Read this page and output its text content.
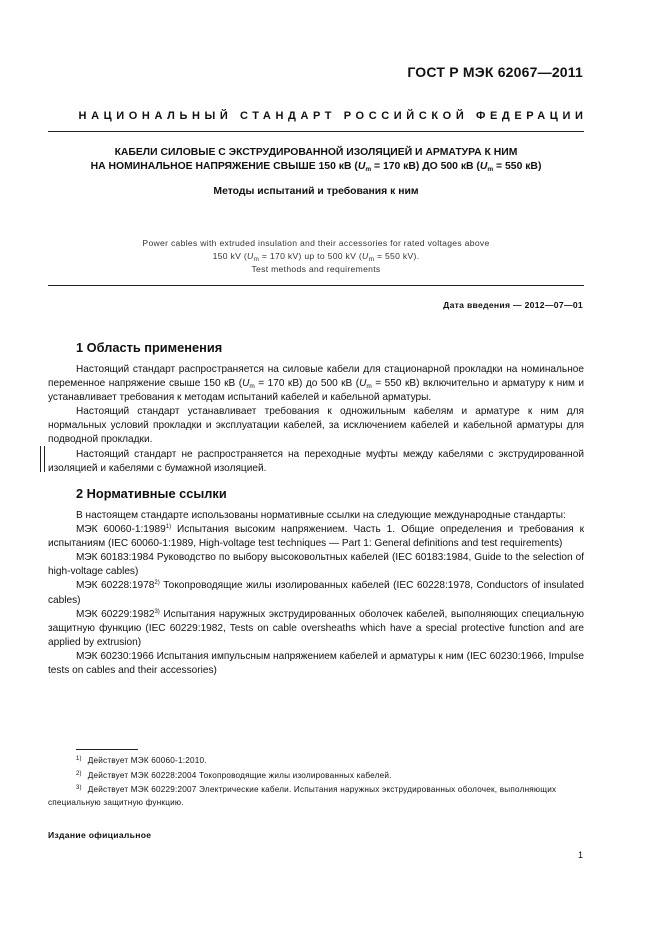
ГОСТ Р МЭК 62067—2011
НАЦИОНАЛЬНЫЙ СТАНДАРТ РОССИЙСКОЙ ФЕДЕРАЦИИ
КАБЕЛИ СИЛОВЫЕ С ЭКСТРУДИРОВАННОЙ ИЗОЛЯЦИЕЙ И АРМАТУРА К НИМ
НА НОМИНАЛЬНОЕ НАПРЯЖЕНИЕ СВЫШЕ 150 кВ ($U_m = 170$ кВ) ДО 500 кВ ($U_m = 550$ кВ)
Методы испытаний и требования к ним
Power cables with extruded insulation and their accessories for rated voltages above
150 kV ($U_m = 170$ kV) up to 500 kV ($U_m = 550$ kV).
Test methods and requirements
Дата введения — 2012—07—01
1 Область применения

Настоящий стандарт распространяется на силовые кабели для стационарной прокладки на номинальное переменное напряжение свыше 150 кВ ($U_m = 170$ кВ) до 500 кВ ($U_m = 550$ кВ) включительно и арматуру к ним и устанавливает требования к методам испытаний кабелей и кабельной арматуры.

Настоящий стандарт устанавливает требования к одножильным кабелям и арматуре к ним для нормальных условий прокладки и эксплуатации кабелей, за исключением кабелей и кабельной арматуры для подводной прокладки.

Настоящий стандарт не распространяется на переходные муфты между кабелями с экструдированной изоляцией и кабелями с бумажной изоляцией.

2 Нормативные ссылки

В настоящем стандарте использованы нормативные ссылки на следующие международные стандарты:

МЭК 60060-1:1989$^{1)}$ Испытания высоким напряжением. Часть 1. Общие определения и требования к испытаниям (IEC 60060-1:1989, High-voltage test techniques — Part 1: General definitions and test requirements)

МЭК 60183:1984 Руководство по выбору высоковольтных кабелей (IEC 60183:1984, Guide to the selection of high-voltage cables)

МЭК 60228:1978$^{2)}$ Токопроводящие жилы изолированных кабелей (IEC 60228:1978, Conductors of insulated cables)

МЭК 60229:1982$^{3)}$ Испытания наружных экструдированных оболочек кабелей, выполняющих специальную защитную функцию (IEC 60229:1982, Tests on cable oversheaths which have a special protective function and are applied by extrusion)

МЭК 60230:1966 Испытания импульсным напряжением кабелей и арматуры к ним (IEC 60230:1966, Impulse tests on cables and their accessories)

$^{1)}$ Действует МЭК 60060-1:2010.

$^{2)}$ Действует МЭК 60228:2004 Токопроводящие жилы изолированных кабелей.

$^{3)}$ Действует МЭК 60229:2007 Электрические кабели. Испытания наружных экструдированных оболочек, выполняющих специальную защитную функцию.

Издание официальное
1
